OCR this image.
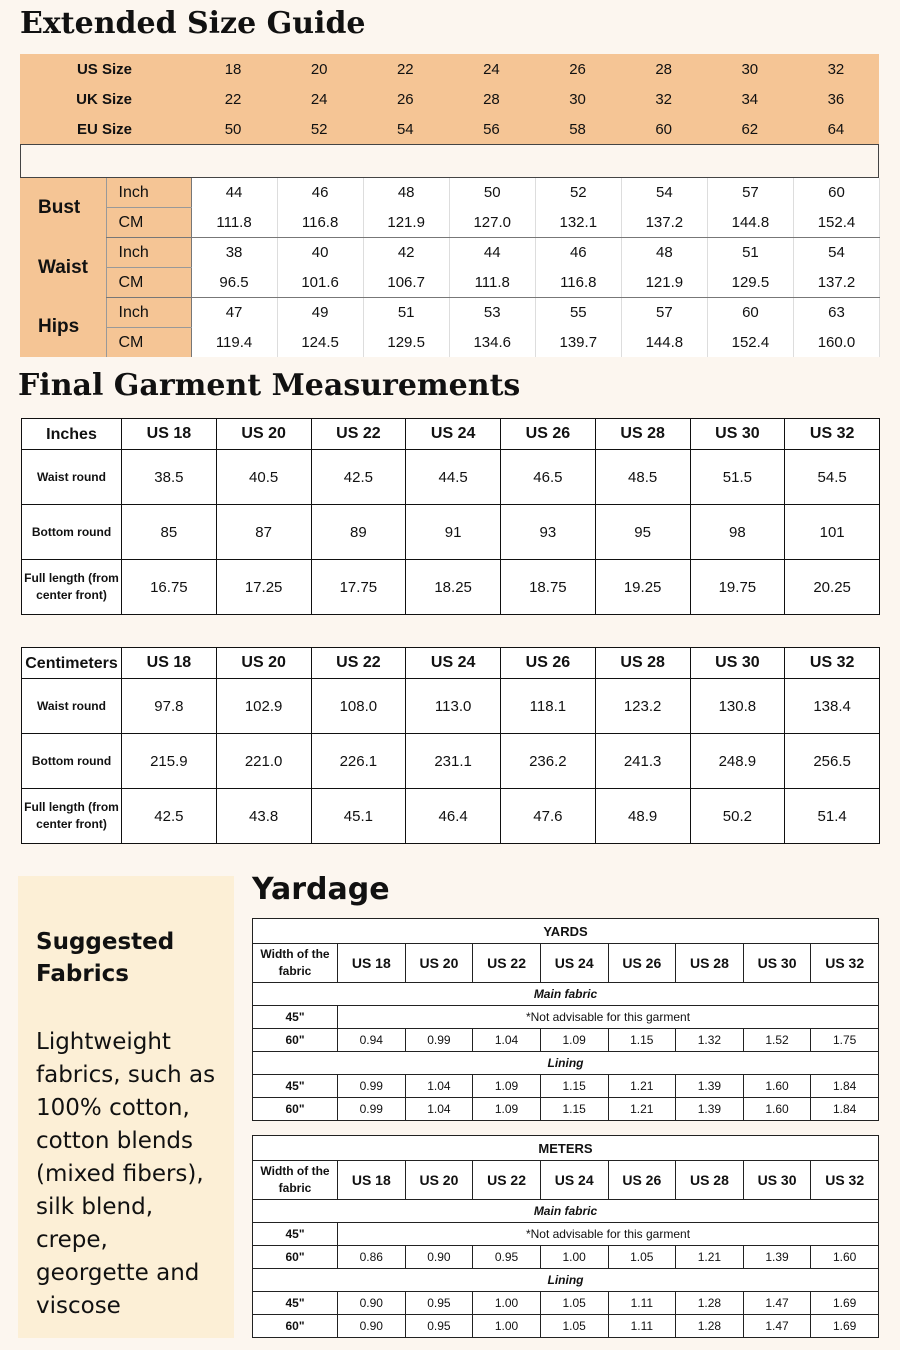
Extended Size Guide
US Size	18	20	22	24	26	28	30	32
UK Size	22	24	26	28	30	32	34	36
EU Size	50	52	54	56	58	60	62	64
Bust	Inch	44	46	48	50	52	54	57	60
	CM	111.8	116.8	121.9	127.0	132.1	137.2	144.8	152.4
Waist	Inch	38	40	42	44	46	48	51	54
	CM	96.5	101.6	106.7	111.8	116.8	121.9	129.5	137.2
Hips	Inch	47	49	51	53	55	57	60	63
	CM	119.4	124.5	129.5	134.6	139.7	144.8	152.4	160.0
Final Garment Measurements
Inches	US 18	US 20	US 22	US 24	US 26	US 28	US 30	US 32
Waist round	38.5	40.5	42.5	44.5	46.5	48.5	51.5	54.5
Bottom round	85	87	89	91	93	95	98	101
Full length (from center front)	16.75	17.25	17.75	18.25	18.75	19.25	19.75	20.25
Centimeters	US 18	US 20	US 22	US 24	US 26	US 28	US 30	US 32
Waist round	97.8	102.9	108.0	113.0	118.1	123.2	130.8	138.4
Bottom round	215.9	221.0	226.1	231.1	236.2	241.3	248.9	256.5
Full length (from center front)	42.5	43.8	45.1	46.4	47.6	48.9	50.2	51.4
Suggested Fabrics
Lightweight fabrics, such as 100% cotton, cotton blends (mixed fibers), silk blend, crepe, georgette and viscose
Yardage
YARDS								
Width of the fabric	US 18	US 20	US 22	US 24	US 26	US 28	US 30	US 32
Main fabric								
45"	*Not advisable for this garment							
60"	0.94	0.99	1.04	1.09	1.15	1.32	1.52	1.75
Lining								
45"	0.99	1.04	1.09	1.15	1.21	1.39	1.60	1.84
60"	0.99	1.04	1.09	1.15	1.21	1.39	1.60	1.84
METERS								
Width of the fabric	US 18	US 20	US 22	US 24	US 26	US 28	US 30	US 32
Main fabric								
45"	*Not advisable for this garment							
60"	0.86	0.90	0.95	1.00	1.05	1.21	1.39	1.60
Lining								
45"	0.90	0.95	1.00	1.05	1.11	1.28	1.47	1.69
60"	0.90	0.95	1.00	1.05	1.11	1.28	1.47	1.69
